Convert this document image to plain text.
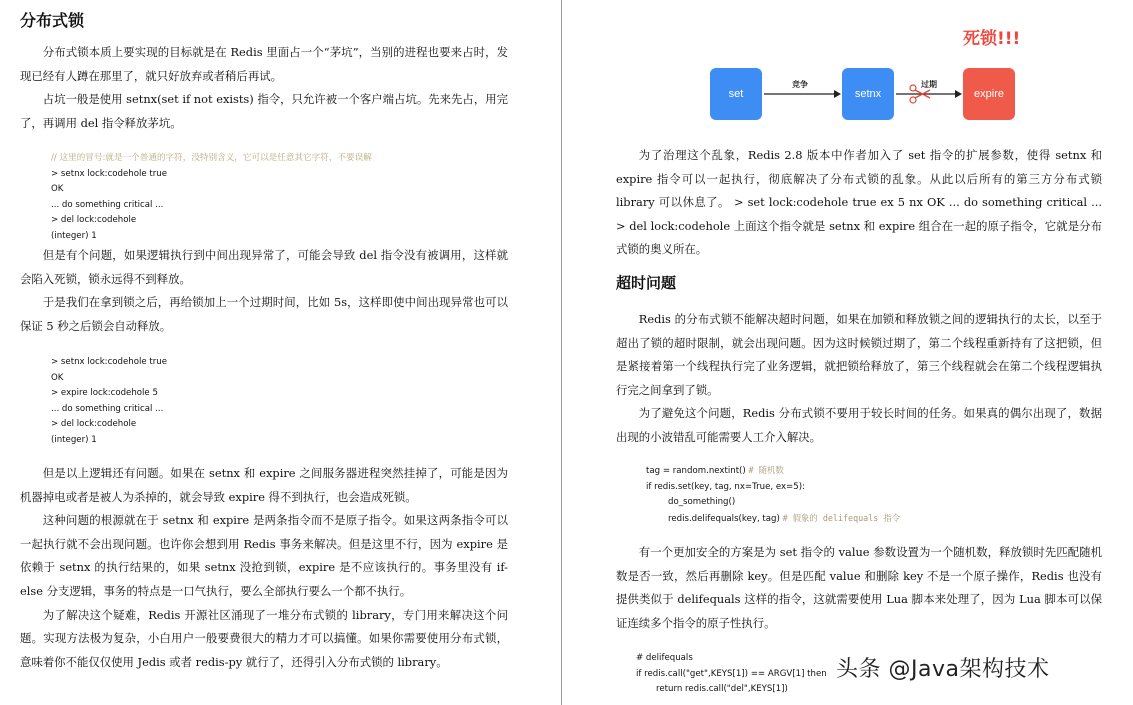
分布式锁

分布式锁本质上要实现的目标就是在 Redis 里面占一个“茅坑”，当别的进程也要来占时，发现已经有人蹲在那里了，就只好放弃或者稍后再试。

占坑一般是使用 setnx(set if not exists) 指令，只允许被一个客户端占坑。先来先占，用完了，再调用 del 指令释放茅坑。

// 这里的冒号:就是一个普通的字符，没特别含义，它可以是任意其它字符，不要误解
> setnx lock:codehole true
OK
... do something critical ...
> del lock:codehole
(integer) 1

但是有个问题，如果逻辑执行到中间出现异常了，可能会导致 del 指令没有被调用，这样就会陷入死锁，锁永远得不到释放。

于是我们在拿到锁之后，再给锁加上一个过期时间，比如 5s，这样即使中间出现异常也可以保证 5 秒之后锁会自动释放。

> setnx lock:codehole true
OK
> expire lock:codehole 5
... do something critical ...
> del lock:codehole
(integer) 1

但是以上逻辑还有问题。如果在 setnx 和 expire 之间服务器进程突然挂掉了，可能是因为机器掉电或者是被人为杀掉的，就会导致 expire 得不到执行，也会造成死锁。

这种问题的根源就在于 setnx 和 expire 是两条指令而不是原子指令。如果这两条指令可以一起执行就不会出现问题。也许你会想到用 Redis 事务来解决。但是这里不行，因为 expire 是依赖于 setnx 的执行结果的，如果 setnx 没抢到锁，expire 是不应该执行的。事务里没有 if-else 分支逻辑，事务的特点是一口气执行，要么全部执行要么一个都不执行。

为了解决这个疑难，Redis 开源社区涌现了一堆分布式锁的 library，专门用来解决这个问题。实现方法极为复杂，小白用户一般要费很大的精力才可以搞懂。如果你需要使用分布式锁，意味着你不能仅仅使用 Jedis 或者 redis-py 就行了，还得引入分布式锁的 library。

死锁!!!
set	setnx	expire
竞争	过期

为了治理这个乱象，Redis 2.8 版本中作者加入了 set 指令的扩展参数，使得 setnx 和 expire 指令可以一起执行，彻底解决了分布式锁的乱象。从此以后所有的第三方分布式锁 library 可以休息了。 > set lock:codehole true ex 5 nx OK ... do something critical ... > del lock:codehole 上面这个指令就是 setnx 和 expire 组合在一起的原子指令，它就是分布式锁的奥义所在。

超时问题

Redis 的分布式锁不能解决超时问题，如果在加锁和释放锁之间的逻辑执行的太长，以至于超出了锁的超时限制，就会出现问题。因为这时候锁过期了，第二个线程重新持有了这把锁，但是紧接着第一个线程执行完了业务逻辑，就把锁给释放了，第三个线程就会在第二个线程逻辑执行完之间拿到了锁。

为了避免这个问题，Redis 分布式锁不要用于较长时间的任务。如果真的偶尔出现了，数据出现的小波错乱可能需要人工介入解决。

tag = random.nextint() # 随机数
if redis.set(key, tag, nx=True, ex=5):
do_something()
redis.delifequals(key, tag) # 假象的 delifequals 指令

有一个更加安全的方案是为 set 指令的 value 参数设置为一个随机数，释放锁时先匹配随机数是否一致，然后再删除 key。但是匹配 value 和删除 key 不是一个原子操作，Redis 也没有提供类似于 delifequals 这样的指令，这就需要使用 Lua 脚本来处理了，因为 Lua 脚本可以保证连续多个指令的原子性执行。

# delifequals
if redis.call("get",KEYS[1]) == ARGV[1] then
return redis.call("del",KEYS[1])
头条 @Java架构技术
